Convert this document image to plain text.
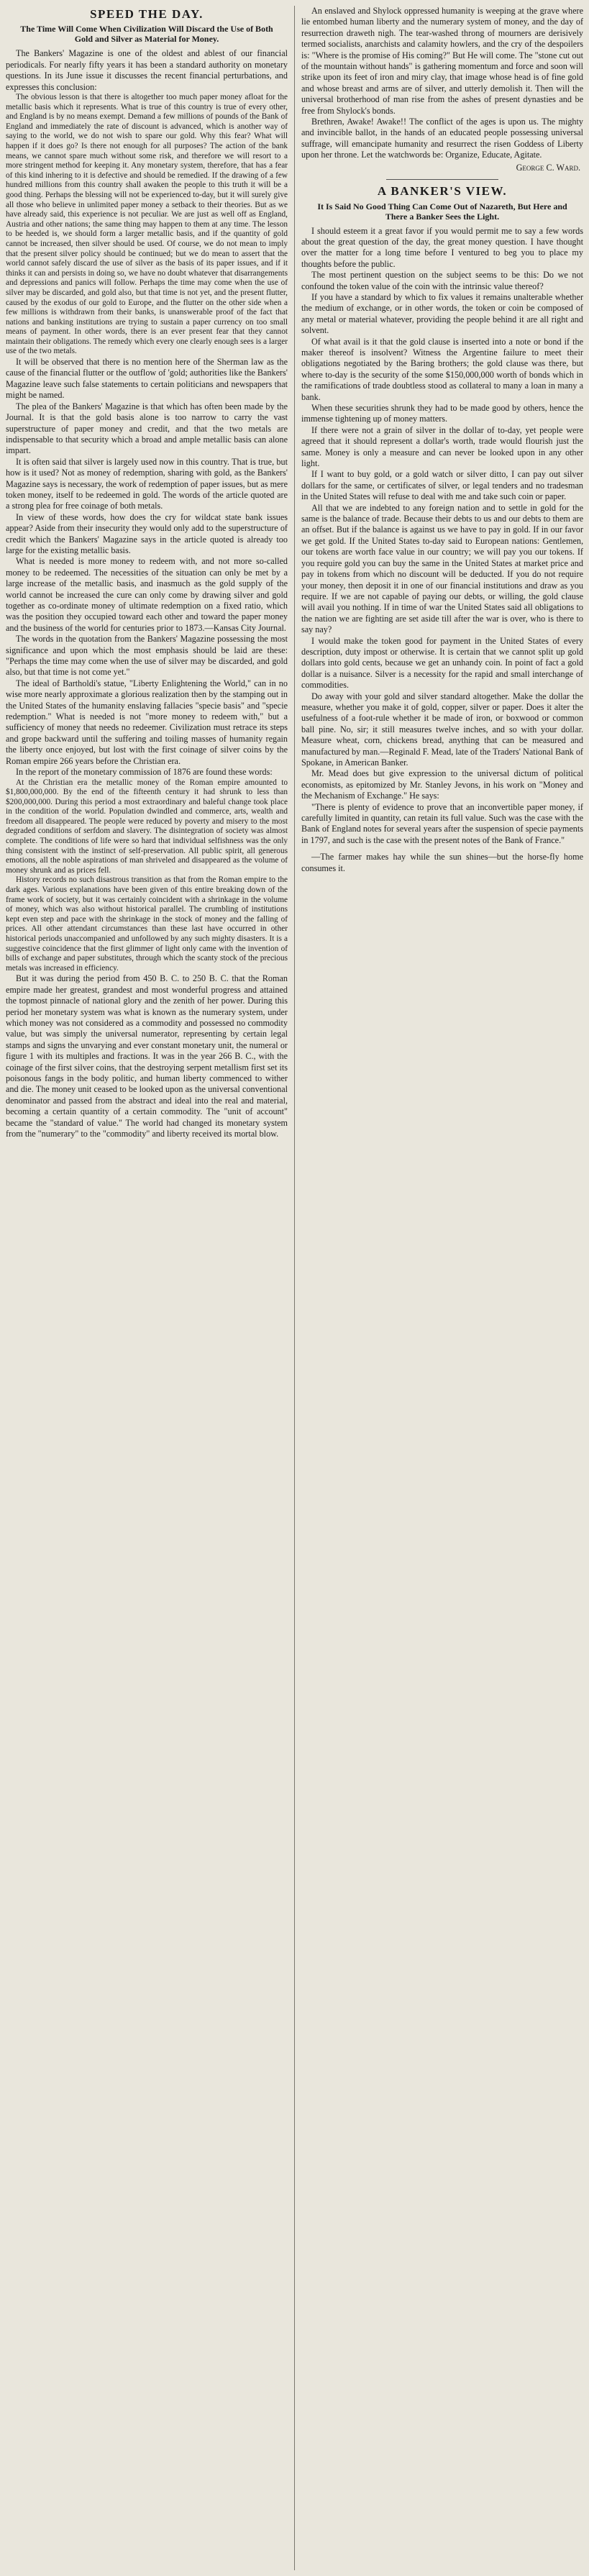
SPEED THE DAY.
The Time Will Come When Civilization Will Discard the Use of Both Gold and Silver as Material for Money.

The Bankers' Magazine is one of the oldest and ablest of our financial periodicals. For nearly fifty years it has been a standard authority on monetary questions. In its June issue it discusses the recent financial perturbations, and expresses this conclusion:

The obvious lesson is that there is altogether too much paper money afloat for the metallic basis which it represents. What is true of this country is true of every other, and England is by no means exempt. Demand a few millions of pounds of the Bank of England and immediately the rate of discount is advanced, which is another way of saying to the world, we do not wish to spare our gold. Why this fear? What will happen if it does go? Is there not enough for all purposes? The action of the bank means, we cannot spare much without some risk, and therefore we will resort to a more stringent method for keeping it. Any monetary system, therefore, that has a fear of this kind inhering to it is defective and should be remedied. If the drawing of a few hundred millions from this country shall awaken the people to this truth it will be a good thing. Perhaps the blessing will not be experienced to-day, but it will surely give all those who believe in unlimited paper money a setback to their theories. But as we have already said, this experience is not peculiar. We are just as well off as England, Austria and other nations; the same thing may happen to them at any time. The lesson to be heeded is, we should form a larger metallic basis, and if the quantity of gold cannot be increased, then silver should be used. Of course, we do not mean to imply that the present silver policy should be continued; but we do mean to assert that the world cannot safely discard the use of silver as the basis of its paper issues, and if it thinks it can and persists in doing so, we have no doubt whatever that disarrangements and depressions and panics will follow. Perhaps the time may come when the use of silver may be discarded, and gold also, but that time is not yet, and the present flutter, caused by the exodus of our gold to Europe, and the flutter on the other side when a few millions is withdrawn from their banks, is unanswerable proof of the fact that nations and banking institutions are trying to sustain a paper currency on too small means of payment. In other words, there is an ever present fear that they cannot maintain their obligations. The remedy which every one clearly enough sees is a larger use of the two metals.

It will be observed that there is no mention here of the Sherman law as the cause of the financial flutter or the outflow of 'gold; authorities like the Bankers' Magazine leave such false statements to certain politicians and newspapers that might be named.

The plea of the Bankers' Magazine is that which has often been made by the Journal. It is that the gold basis alone is too narrow to carry the vast superstructure of paper money and credit, and that the two metals are indispensable to that security which a broad and ample metallic basis can alone impart.

It is often said that silver is largely used now in this country. That is true, but how is it used? Not as money of redemption, sharing with gold, as the Bankers' Magazine says is necessary, the work of redemption of paper issues, but as mere token money, itself to be redeemed in gold. The words of the article quoted are a strong plea for free coinage of both metals.

In view of these words, how does the cry for wildcat state bank issues appear? Aside from their insecurity they would only add to the superstructure of credit which the Bankers' Magazine says in the article quoted is already too large for the existing metallic basis.

What is needed is more money to redeem with, and not more so-called money to be redeemed. The necessities of the situation can only be met by a large increase of the metallic basis, and inasmuch as the gold supply of the world cannot be increased the cure can only come by drawing silver and gold together as co-ordinate money of ultimate redemption on a fixed ratio, which was the position they occupied toward each other and toward the paper money and the business of the world for centuries prior to 1873.—Kansas City Journal.

The words in the quotation from the Bankers' Magazine possessing the most significance and upon which the most emphasis should be laid are these: "Perhaps the time may come when the use of silver may be discarded, and gold also, but that time is not come yet."

The ideal of Bartholdi's statue, "Liberty Enlightening the World," can in no wise more nearly approximate a glorious realization then by the stamping out in the United States of the humanity enslaving fallacies "specie basis" and "specie redemption." What is needed is not "more money to redeem with," but a sufficiency of money that needs no redeemer. Civilization must retrace its steps and grope backward until the suffering and toiling masses of humanity regain the liberty once enjoyed, but lost with the first coinage of silver coins by the Roman empire 266 years before the Christian era.

In the report of the monetary commission of 1876 are found these words:

At the Christian era the metallic money of the Roman empire amounted to $1,800,000,000. By the end of the fifteenth century it had shrunk to less than $200,000,000. During this period a most extraordinary and baleful change took place in the condition of the world. Population dwindled and commerce, arts, wealth and freedom all disappeared. The people were reduced by poverty and misery to the most degraded conditions of serfdom and slavery. The disintegration of society was almost complete. The conditions of life were so hard that individual selfishness was the only thing consistent with the instinct of self-preservation. All public spirit, all generous emotions, all the noble aspirations of man shriveled and disappeared as the volume of money shrunk and as prices fell.

History records no such disastrous transition as that from the Roman empire to the dark ages. Various explanations have been given of this entire breaking down of the frame work of society, but it was certainly coincident with a shrinkage in the volume of money, which was also without historical parallel. The crumbling of institutions kept even step and pace with the shrinkage in the stock of money and the falling of prices. All other attendant circumstances than these last have occurred in other historical periods unaccompanied and unfollowed by any such mighty disasters. It is a suggestive coincidence that the first glimmer of light only came with the invention of bills of exchange and paper substitutes, through which the scanty stock of the precious metals was increased in efficiency.

But it was during the period from 450 B. C. to 250 B. C. that the Roman empire made her greatest, grandest and most wonderful progress and attained the topmost pinnacle of national glory and the zenith of her power. During this period her monetary system was what is known as the numerary system, under which money was not considered as a commodity and possessed no commodity value, but was simply the universal numerator, representing by certain legal stamps and signs the unvarying and ever constant monetary unit, the numeral or figure 1 with its multiples and fractions. It was in the year 266 B. C., with the coinage of the first silver coins, that the destroying serpent metallism first set its poisonous fangs in the body politic, and human liberty commenced to wither and die. The money unit ceased to be looked upon as the universal conventional denominator and passed from the abstract and ideal into the real and material, becoming a certain quantity of a certain commodity. The "unit of account" became the "standard of value." The world had changed its monetary system from the "numerary" to the "commodity" and liberty received its mortal blow.

An enslaved and Shylock oppressed humanity is weeping at the grave where lie entombed human liberty and the numerary system of money, and the day of resurrection draweth nigh. The tear-washed throng of mourners are derisively termed socialists, anarchists and calamity howlers, and the cry of the despoilers is: "Where is the promise of His coming?" But He will come. The "stone cut out of the mountain without hands" is gathering momentum and force and soon will strike upon its feet of iron and miry clay, that image whose head is of fine gold and whose breast and arms are of silver, and utterly demolish it. Then will the universal brotherhood of man rise from the ashes of present dynasties and be free from Shylock's bonds.

Brethren, Awake! Awake!! The conflict of the ages is upon us. The mighty and invincible ballot, in the hands of an educated people possessing universal suffrage, will emancipate humanity and resurrect the risen Goddess of Liberty upon her throne. Let the watchwords be: Organize, Educate, Agitate.

George C. Ward.
A BANKER'S VIEW.
It Is Said No Good Thing Can Come Out of Nazareth, But Here and There a Banker Sees the Light.

I should esteem it a great favor if you would permit me to say a few words about the great question of the day, the great money question. I have thought over the matter for a long time before I ventured to beg you to place my thoughts before the public.

The most pertinent question on the subject seems to be this: Do we not confound the token value of the coin with the intrinsic value thereof?

If you have a standard by which to fix values it remains unalterable whether the medium of exchange, or in other words, the token or coin be composed of any metal or material whatever, providing the people behind it are all right and solvent.

Of what avail is it that the gold clause is inserted into a note or bond if the maker thereof is insolvent? Witness the Argentine failure to meet their obligations negotiated by the Baring brothers; the gold clause was there, but where to-day is the security of the some $150,000,000 worth of bonds which in the ramifications of trade doubtless stood as collateral to many a loan in many a bank.

When these securities shrunk they had to be made good by others, hence the immense tightening up of money matters.

If there were not a grain of silver in the dollar of to-day, yet people were agreed that it should represent a dollar's worth, trade would flourish just the same. Money is only a measure and can never be looked upon in any other light.

If I want to buy gold, or a gold watch or silver ditto, I can pay out silver dollars for the same, or certificates of silver, or legal tenders and no tradesman in the United States will refuse to deal with me and take such coin or paper.

All that we are indebted to any foreign nation and to settle in gold for the same is the balance of trade. Because their debts to us and our debts to them are an offset. But if the balance is against us we have to pay in gold. If in our favor we get gold. If the United States to-day said to European nations: Gentlemen, our tokens are worth face value in our country; we will pay you our tokens. If you require gold you can buy the same in the United States at market price and pay in tokens from which no discount will be deducted. If you do not require your money, then deposit it in one of our financial institutions and draw as you require. If we are not capable of paying our debts, or willing, the gold clause will avail you nothing. If in time of war the United States said all obligations to the nation we are fighting are set aside till after the war is over, who is there to say nay?

I would make the token good for payment in the United States of every description, duty impost or otherwise. It is certain that we cannot split up gold dollars into gold cents, because we get an unhandy coin. In point of fact a gold dollar is a nuisance. Silver is a necessity for the rapid and small interchange of commodities.

Do away with your gold and silver standard altogether. Make the dollar the measure, whether you make it of gold, copper, silver or paper. Does it alter the usefulness of a foot-rule whether it be made of iron, or boxwood or common ball pine. No, sir; it still measures twelve inches, and so with your dollar. Measure wheat, corn, chickens bread, anything that can be measured and manufactured by man.—Reginald F. Mead, late of the Traders' National Bank of Spokane, in American Banker.

Mr. Mead does but give expression to the universal dictum of political economists, as epitomized by Mr. Stanley Jevons, in his work on "Money and the Mechanism of Exchange." He says:

"There is plenty of evidence to prove that an inconvertible paper money, if carefully limited in quantity, can retain its full value. Such was the case with the Bank of England notes for several years after the suspension of specie payments in 1797, and such is the case with the present notes of the Bank of France."

—The farmer makes hay while the sun shines—but the horse-fly home consumes it.
